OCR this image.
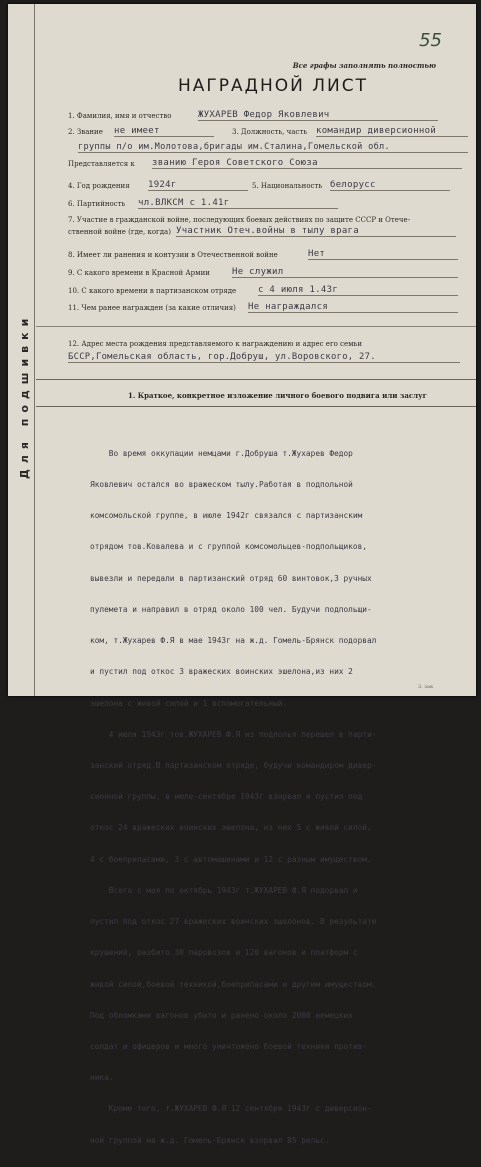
Для подшивки
55
Все графы заполнять полностью
НАГРАДНОЙ ЛИСТ
1. Фамилия, имя и отчество	ЖУХАРЕВ Федор Яковлевич
2. Звание не имеет	3. Должность, часть командир диверсионной
группы п/о им.Молотова,бригады им.Сталина,Гомельской обл.
Представляется к званию Героя Советского Союза
4. Год рождения 1924г	5. Национальность белорусс
6. Партийность чл.ВЛКСМ с 1.41г
7. Участие в гражданской войне, последующих боевых действиях по защите СССР и Отече-
ственной войне (где, когда) Участник Отеч.войны в тылу врага
8. Имеет ли ранения и контузии в Отечественной войне	Нет
9. С какого времени в Красной Армии Не служил
10. С какого времени в партизанском отряде с 4 июля 1.43г
11. Чем ранее награжден (за какие отличия) Не награждался
12. Адрес места рождения представляемого к награждению и адрес его семьи
БССР,Гомельская область, гор.Добруш, ул.Воровского, 27.
1. Краткое, конкретное изложение личного боевого подвига или заслуг

Во время оккупации немцами г.Добруша т.Жухарев Федор

Яковлевич остался во вражеском тылу.Работая в подпольной

комсомольской группе, в июле 1942г связался с партизанским

отрядом тов.Ковалева и с группой комсомольцев-подпольщиков,

вывезли и передали в партизанский отряд 60 винтовок,3 ручных

пулемета и направил в отряд около 100 чел. Будучи подпольщи-

ком, т.Жухарев Ф.Я в мае 1943г на ж.д. Гомель-Брянск подорвал

и пустил под откос 3 вражеских воинских эшелона,из них 2

эшелона с живой силой и 1 вспомогательный.

4 июля 1943г тов.ЖУХАРЕВ Ф.Я из подполья перешел в парти-

занский отряд.В партизанском отряде, будучи командиром дивер-

сионной группы, в июле-сентябре 1943г взорвал и пустил под

откос 24 вражеских воинских эшелона, из них 5 с живой силой,

4 с боеприпасами, 3 с автомашинами и 12 с разным имуществом.

Всего с мая по октябрь 1943г т.ЖУХАРЕВ Ф.Я подорвал и

пустил под откос 27 вражеских воинских эшелонов. В результате

крушений, разбито 30 паровозов и 120 вагонов и платформ с

живой силой,боевой техникой,боеприпасами и другим имуществом.

Под обломками вагонов убито и ранено около 2000 немецких

солдат и офицеров и много уничтожено боевой техники против-

ника.

Кроме того, т.ЖУХАРЕВ Ф.Я 12 сентября 1943г с диверсион-

ной группой на ж.д. Гомель-Брянск взорвал 85 рельс.

3. зак
